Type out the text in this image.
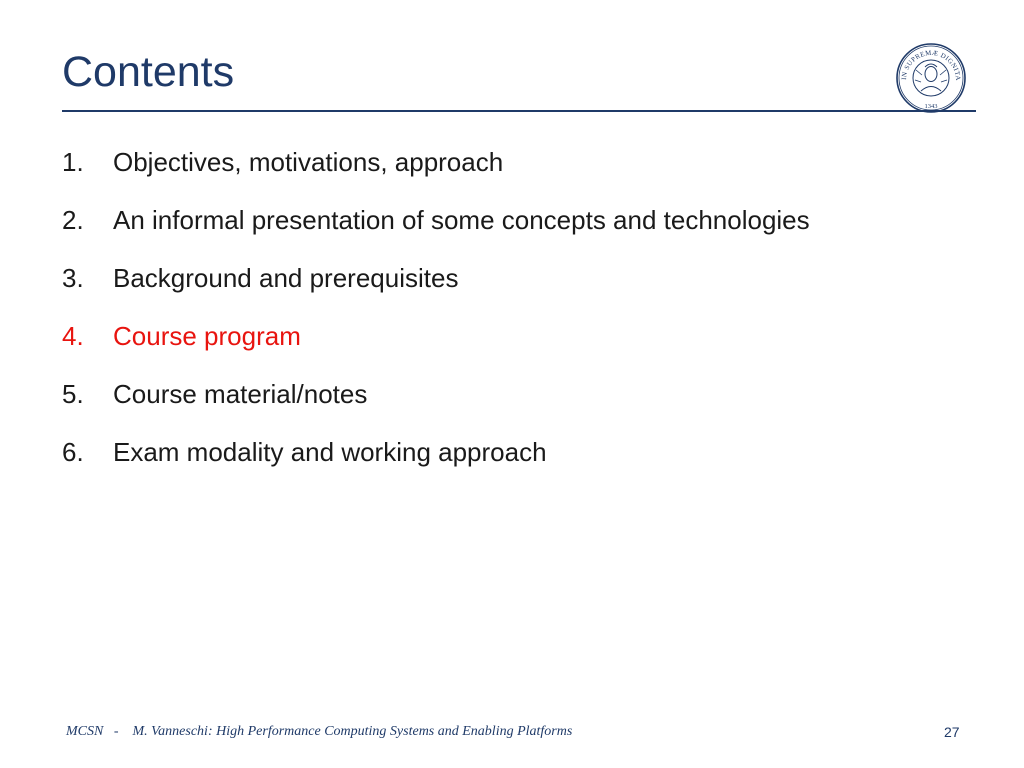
Contents	IN SUPREMÆ DIGNITA
1343
1. Objectives, motivations, approach
2. An informal presentation of some concepts and technologies
3. Background and prerequisites
4. Course program
5. Course material/notes
6. Exam modality and working approach
MCSN - M. Vanneschi: High Performance Computing Systems and Enabling Platforms	27
